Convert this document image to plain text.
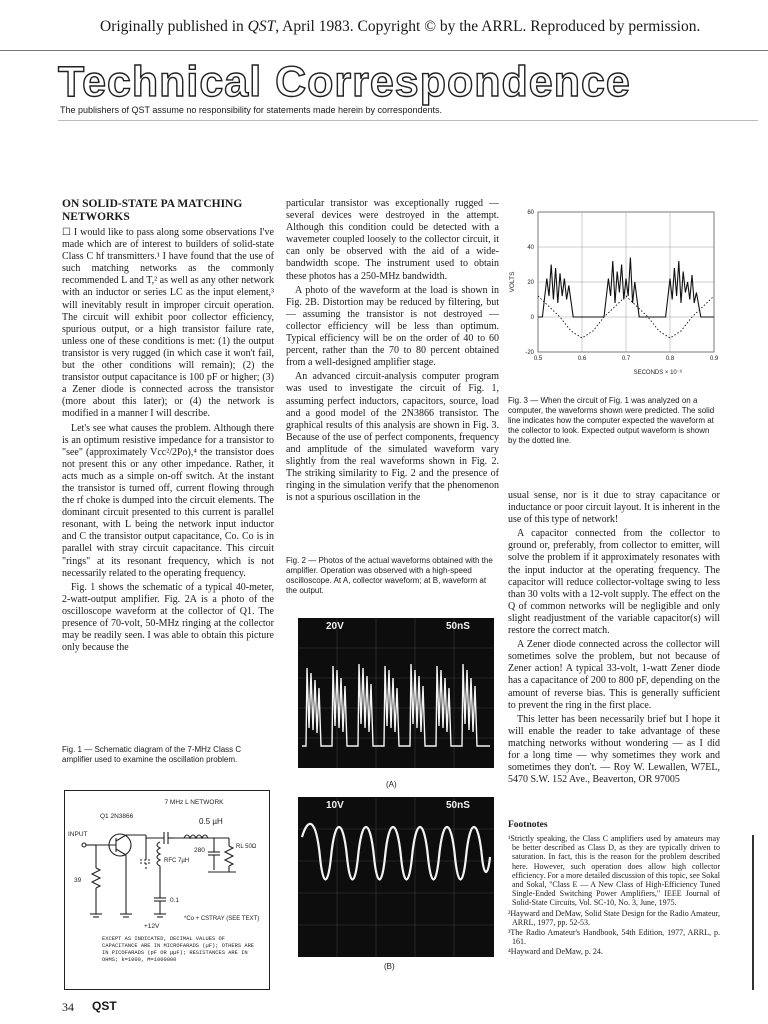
Originally published in QST, April 1983. Copyright © by the ARRL. Reproduced by permission.
Technical Correspondence
The publishers of QST assume no responsibility for statements made herein by correspondents.
ON SOLID-STATE PA MATCHING NETWORKS

☐ I would like to pass along some observations I've made which are of interest to builders of solid-state Class C hf transmitters.¹ I have found that the use of such matching networks as the commonly recommended L and T,² as well as any other network with an inductor or series LC as the input element,³ will inevitably result in improper circuit operation. The circuit will exhibit poor collector efficiency, spurious output, or a high transistor failure rate, unless one of these conditions is met: (1) the output transistor is very rugged (in which case it won't fail, but the other conditions will remain); (2) the transistor output capacitance is 100 pF or higher; (3) a Zener diode is connected across the transistor (more about this later); or (4) the network is modified in a manner I will describe.

Let's see what causes the problem. Although there is an optimum resistive impedance for a transistor to "see" (approximately Vcc²/2Po),⁴ the transistor does not present this or any other impedance. Rather, it acts much as a simple on-off switch. At the instant the transistor is turned off, current flowing through the rf choke is dumped into the circuit elements. The dominant circuit presented to this current is parallel resonant, with L being the network input inductor and C the transistor output capacitance, Co. Co is in parallel with stray circuit capacitance. This circuit "rings" at its resonant frequency, which is not necessarily related to the operating frequency.

Fig. 1 shows the schematic of a typical 40-meter, 2-watt-output amplifier. Fig. 2A is a photo of the oscilloscope waveform at the collector of Q1. The presence of 70-volt, 50-MHz ringing at the collector may be readily seen. I was able to obtain this picture only because the

Fig. 1 — Schematic diagram of the 7-MHz Class C amplifier used to examine the oscillation problem.
7 MHz L NETWORK
0.5 µH
Q1 2N3866
INPUT
RFC 7µH
280	RL 50Ω
39
0.1
+12V
*Co + CSTRAY (SEE TEXT)
EXCEPT AS INDICATED, DECIMAL VALUES OF CAPACITANCE ARE IN MICROFARADS (µF); OTHERS ARE IN PICOFARADS (pF OR µµF); RESISTANCES ARE IN OHMS; k=1000, M=1000000

particular transistor was exceptionally rugged — several devices were destroyed in the attempt. Although this condition could be detected with a wavemeter coupled loosely to the collector circuit, it can only be observed with the aid of a wide-bandwidth scope. The instrument used to obtain these photos has a 250-MHz bandwidth.

A photo of the waveform at the load is shown in Fig. 2B. Distortion may be reduced by filtering, but — assuming the transistor is not destroyed — collector efficiency will be less than optimum. Typical efficiency will be on the order of 40 to 60 percent, rather than the 70 to 80 percent obtained from a well-designed amplifier stage.

An advanced circuit-analysis computer program was used to investigate the circuit of Fig. 1, assuming perfect inductors, capacitors, source, load and a good model of the 2N3866 transistor. The graphical results of this analysis are shown in Fig. 3. Because of the use of perfect components, frequency and amplitude of the simulated waveform vary slightly from the real waveforms shown in Fig. 2. The striking similarity to Fig. 2 and the presence of ringing in the simulation verify that the phenomenon is not a spurious oscillation in the

Fig. 2 — Photos of the actual waveforms obtained with the amplifier. Operation was observed with a high-speed oscilloscope. At A, collector waveform; at B, waveform at the output.
20V	50nS
(A)
10V	50nS
(B)
-20
0
20
40
60
0.5	0.6	0.7	0.8	0.9
VOLTS
SECONDS × 10⁻⁶
Fig. 3 — When the circuit of Fig. 1 was analyzed on a computer, the waveforms shown were predicted. The solid line indicates how the computer expected the waveform at the collector to look. Expected output waveform is shown by the dotted line.

usual sense, nor is it due to stray capacitance or inductance or poor circuit layout. It is inherent in the use of this type of network!

A capacitor connected from the collector to ground or, preferably, from collector to emitter, will solve the problem if it approximately resonates with the input inductor at the operating frequency. The capacitor will reduce collector-voltage swing to less than 30 volts with a 12-volt supply. The effect on the Q of common networks will be negligible and only slight readjustment of the variable capacitor(s) will restore the correct match.

A Zener diode connected across the collector will sometimes solve the problem, but not because of Zener action! A typical 33-volt, 1-watt Zener diode has a capacitance of 200 to 800 pF, depending on the amount of reverse bias. This is generally sufficient to prevent the ring in the first place.

This letter has been necessarily brief but I hope it will enable the reader to take advantage of these matching networks without wondering — as I did for a long time — why sometimes they work and sometimes they don't. — Roy W. Lewallen, W7EL, 5470 S.W. 152 Ave., Beaverton, OR 97005

Footnotes

¹Strictly speaking, the Class C amplifiers used by amateurs may be better described as Class D, as they are typically driven to saturation. In fact, this is the reason for the problem described here. However, such operation does allow high collector efficiency. For a more detailed discussion of this topic, see Sokal and Sokal, "Class E — A New Class of High-Efficiency Tuned Single-Ended Switching Power Amplifiers," IEEE Journal of Solid-State Circuits, Vol. SC-10, No. 3, June, 1975.

²Hayward and DeMaw, Solid State Design for the Radio Amateur, ARRL, 1977, pp. 52-53.

³The Radio Amateur's Handbook, 54th Edition, 1977, ARRL, p. 161.

⁴Hayward and DeMaw, p. 24.

34 QST
